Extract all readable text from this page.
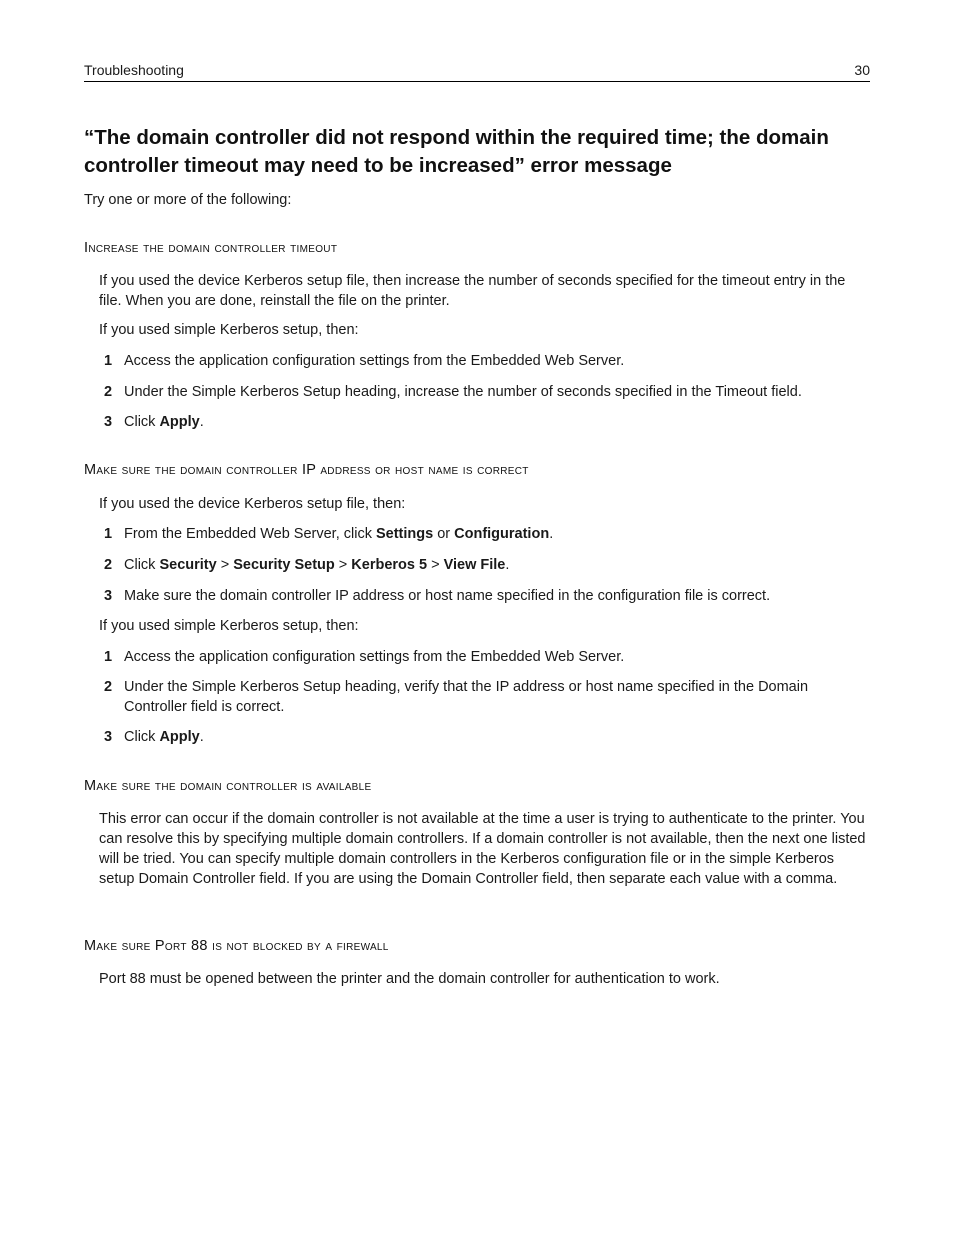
Troubleshooting	30
“The domain controller did not respond within the required time; the domain controller timeout may need to be increased” error message

Try one or more of the following:

Increase the domain controller timeout

If you used the device Kerberos setup file, then increase the number of seconds specified for the timeout entry in the file. When you are done, reinstall the file on the printer.

If you used simple Kerberos setup, then:

1 Access the application configuration settings from the Embedded Web Server.
2 Under the Simple Kerberos Setup heading, increase the number of seconds specified in the Timeout field.
3 Click Apply.
Make sure the domain controller IP address or host name is correct

If you used the device Kerberos setup file, then:

1 From the Embedded Web Server, click Settings or Configuration.
2 Click Security > Security Setup > Kerberos 5 > View File.
3 Make sure the domain controller IP address or host name specified in the configuration file is correct.

If you used simple Kerberos setup, then:

1 Access the application configuration settings from the Embedded Web Server.
2 Under the Simple Kerberos Setup heading, verify that the IP address or host name specified in the Domain Controller field is correct.
3 Click Apply.
Make sure the domain controller is available

This error can occur if the domain controller is not available at the time a user is trying to authenticate to the printer. You can resolve this by specifying multiple domain controllers. If a domain controller is not available, then the next one listed will be tried. You can specify multiple domain controllers in the Kerberos configuration file or in the simple Kerberos setup Domain Controller field. If you are using the Domain Controller field, then separate each value with a comma.

Make sure Port 88 is not blocked by a firewall

Port 88 must be opened between the printer and the domain controller for authentication to work.
